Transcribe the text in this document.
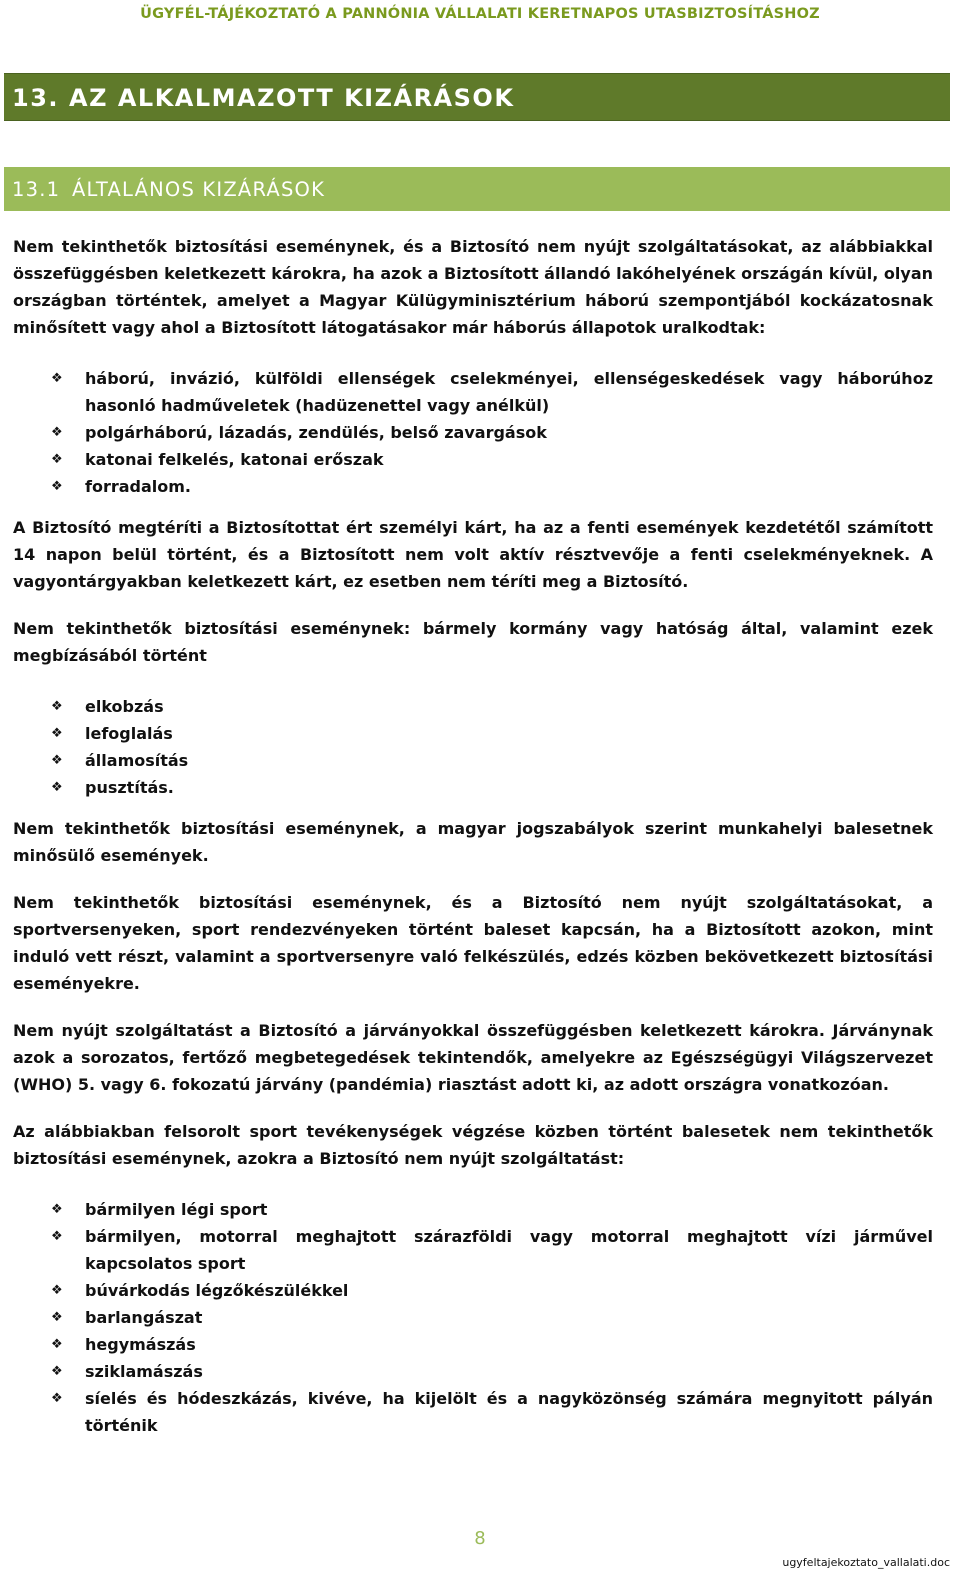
ÜGYFÉL-TÁJÉKOZTATÓ A PANNÓNIA VÁLLALATI KERETNAPOS UTASBIZTOSÍTÁSHOZ
13. AZ ALKALMAZOTT KIZÁRÁSOK
13.1 ÁLTALÁNOS KIZÁRÁSOK

Nem tekinthetők biztosítási eseménynek, és a Biztosító nem nyújt szolgáltatásokat, az alábbiakkal összefüggésben keletkezett károkra, ha azok a Biztosított állandó lakóhelyének országán kívül, olyan országban történtek, amelyet a Magyar Külügyminisztérium háború szempontjából kockázatosnak minősített vagy ahol a Biztosított látogatásakor már háborús állapotok uralkodtak:

❖ háború, invázió, külföldi ellenségek cselekményei, ellenségeskedések vagy háborúhoz hasonló hadműveletek (hadüzenettel vagy anélkül)
❖ polgárháború, lázadás, zendülés, belső zavargások
❖ katonai felkelés, katonai erőszak
❖ forradalom.

A Biztosító megtéríti a Biztosítottat ért személyi kárt, ha az a fenti események kezdetétől számított 14 napon belül történt, és a Biztosított nem volt aktív résztvevője a fenti cselekményeknek. A vagyontárgyakban keletkezett kárt, ez esetben nem téríti meg a Biztosító.

Nem tekinthetők biztosítási eseménynek: bármely kormány vagy hatóság által, valamint ezek megbízásából történt

❖ elkobzás
❖ lefoglalás
❖ államosítás
❖ pusztítás.

Nem tekinthetők biztosítási eseménynek, a magyar jogszabályok szerint munkahelyi balesetnek minősülő események.

Nem tekinthetők biztosítási eseménynek, és a Biztosító nem nyújt szolgáltatásokat, a sportversenyeken, sport rendezvényeken történt baleset kapcsán, ha a Biztosított azokon, mint induló vett részt, valamint a sportversenyre való felkészülés, edzés közben bekövetkezett biztosítási eseményekre.

Nem nyújt szolgáltatást a Biztosító a járványokkal összefüggésben keletkezett károkra. Járványnak azok a sorozatos, fertőző megbetegedések tekintendők, amelyekre az Egészségügyi Világszervezet (WHO) 5. vagy 6. fokozatú járvány (pandémia) riasztást adott ki, az adott országra vonatkozóan.

Az alábbiakban felsorolt sport tevékenységek végzése közben történt balesetek nem tekinthetők biztosítási eseménynek, azokra a Biztosító nem nyújt szolgáltatást:

❖ bármilyen légi sport
❖ bármilyen, motorral meghajtott szárazföldi vagy motorral meghajtott vízi járművel kapcsolatos sport
❖ búvárkodás légzőkészülékkel
❖ barlangászat
❖ hegymászás
❖ sziklamászás
❖ síelés és hódeszkázás, kivéve, ha kijelölt és a nagyközönség számára megnyitott pályán történik
8
ugyfeltajekoztato_vallalati.doc
